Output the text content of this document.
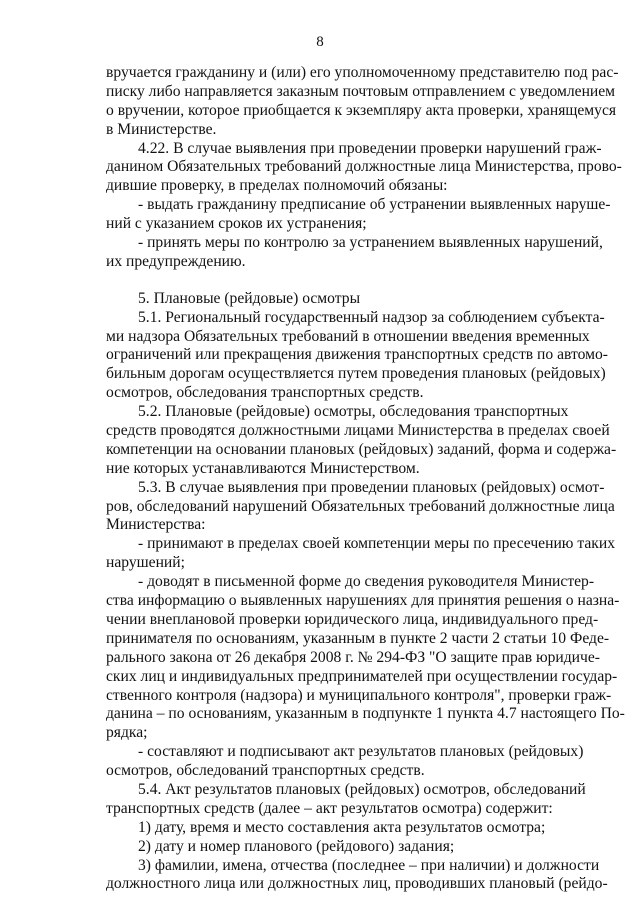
8
вручается гражданину и (или) его уполномоченному представителю под рас-
писку либо направляется заказным почтовым отправлением с уведомлением
о вручении, которое приобщается к экземпляру акта проверки, хранящемуся
в Министерстве.
4.22. В случае выявления при проведении проверки нарушений граж-
данином Обязательных требований должностные лица Министерства, прово-
дившие проверку, в пределах полномочий обязаны:
- выдать гражданину предписание об устранении выявленных наруше-
ний с указанием сроков их устранения;
- принять меры по контролю за устранением выявленных нарушений,
их предупреждению.
5. Плановые (рейдовые) осмотры
5.1. Региональный государственный надзор за соблюдением субъекта-
ми надзора Обязательных требований в отношении введения временных
ограничений или прекращения движения транспортных средств по автомо-
бильным дорогам осуществляется путем проведения плановых (рейдовых)
осмотров, обследования транспортных средств.
5.2. Плановые (рейдовые) осмотры, обследования транспортных
средств проводятся должностными лицами Министерства в пределах своей
компетенции на основании плановых (рейдовых) заданий, форма и содержа-
ние которых устанавливаются Министерством.
5.3. В случае выявления при проведении плановых (рейдовых) осмот-
ров, обследований нарушений Обязательных требований должностные лица
Министерства:
- принимают в пределах своей компетенции меры по пресечению таких
нарушений;
- доводят в письменной форме до сведения руководителя Министер-
ства информацию о выявленных нарушениях для принятия решения о назна-
чении внеплановой проверки юридического лица, индивидуального пред-
принимателя по основаниям, указанным в пункте 2 части 2 статьи 10 Феде-
рального закона от 26 декабря 2008 г. № 294-ФЗ "О защите прав юридиче-
ских лиц и индивидуальных предпринимателей при осуществлении государ-
ственного контроля (надзора) и муниципального контроля", проверки граж-
данина – по основаниям, указанным в подпункте 1 пункта 4.7 настоящего По-
рядка;
- составляют и подписывают акт результатов плановых (рейдовых)
осмотров, обследований транспортных средств.
5.4. Акт результатов плановых (рейдовых) осмотров, обследований
транспортных средств (далее – акт результатов осмотра) содержит:
1) дату, время и место составления акта результатов осмотра;
2) дату и номер планового (рейдового) задания;
3) фамилии, имена, отчества (последнее – при наличии) и должности
должностного лица или должностных лиц, проводивших плановый (рейдо-
